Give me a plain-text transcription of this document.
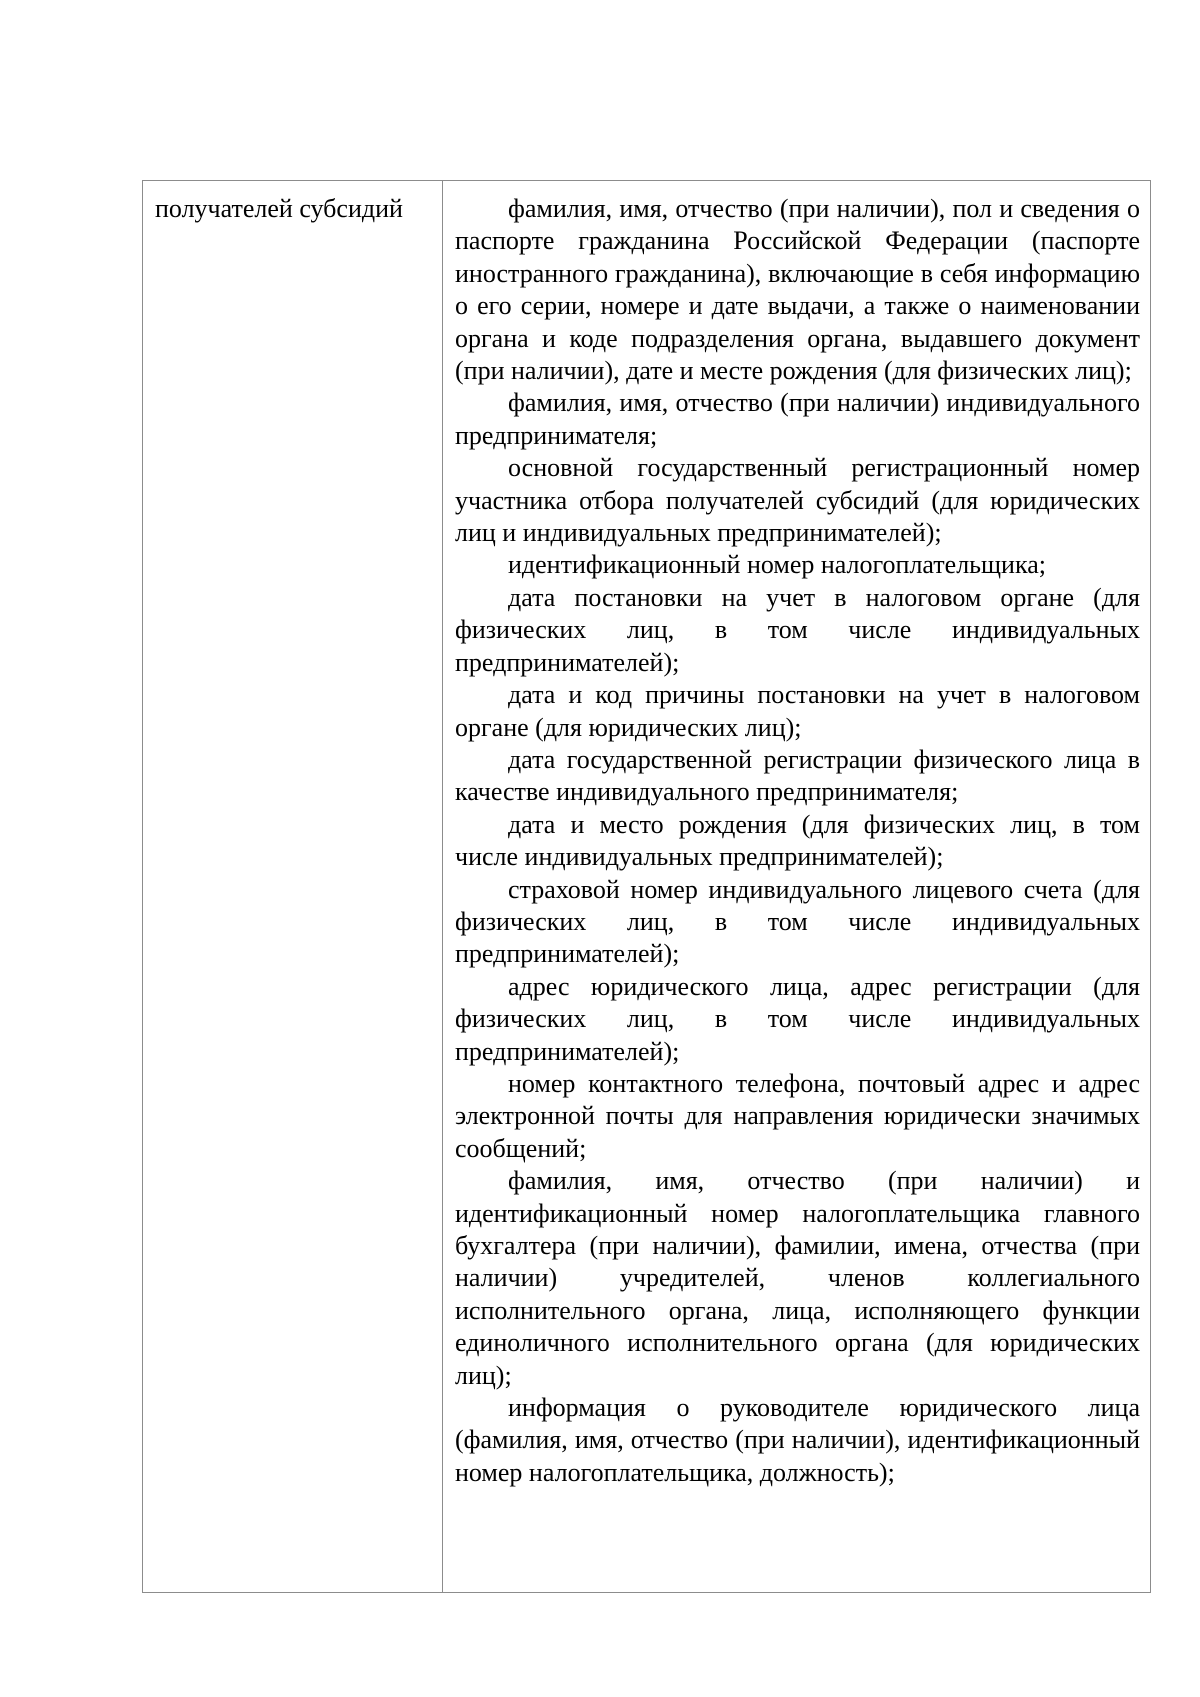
получателей субсидий	фамилия, имя, отчество (при наличии), пол и сведения о паспорте гражданина Российской Федерации (паспорте иностранного гражданина), включающие в себя информацию о его серии, номере и дате выдачи, а также о наименовании органа и коде подразделения органа, выдавшего документ (при наличии), дате и месте рождения (для физических лиц);

фамилия, имя, отчество (при наличии) индивидуального предпринимателя;

основной государственный регистрационный номер участника отбора получателей субсидий (для юридических лиц и индивидуальных предпринимателей);

идентификационный номер налогоплательщика;

дата постановки на учет в налоговом органе (для физических лиц, в том числе индивидуальных предпринимателей);

дата и код причины постановки на учет в налоговом органе (для юридических лиц);

дата государственной регистрации физического лица в качестве индивидуального предпринимателя;

дата и место рождения (для физических лиц, в том числе индивидуальных предпринимателей);

страховой номер индивидуального лицевого счета (для физических лиц, в том числе индивидуальных предпринимателей);

адрес юридического лица, адрес регистрации (для физических лиц, в том числе индивидуальных предпринимателей);

номер контактного телефона, почтовый адрес и адрес электронной почты для направления юридически значимых сообщений;

фамилия, имя, отчество (при наличии) и идентификационный номер налогоплательщика главного бухгалтера (при наличии), фамилии, имена, отчества (при наличии) учредителей, членов коллегиального исполнительного органа, лица, исполняющего функции единоличного исполнительного органа (для юридических лиц);

информация о руководителе юридического лица (фамилия, имя, отчество (при наличии), идентификационный номер налогоплательщика, должность);
